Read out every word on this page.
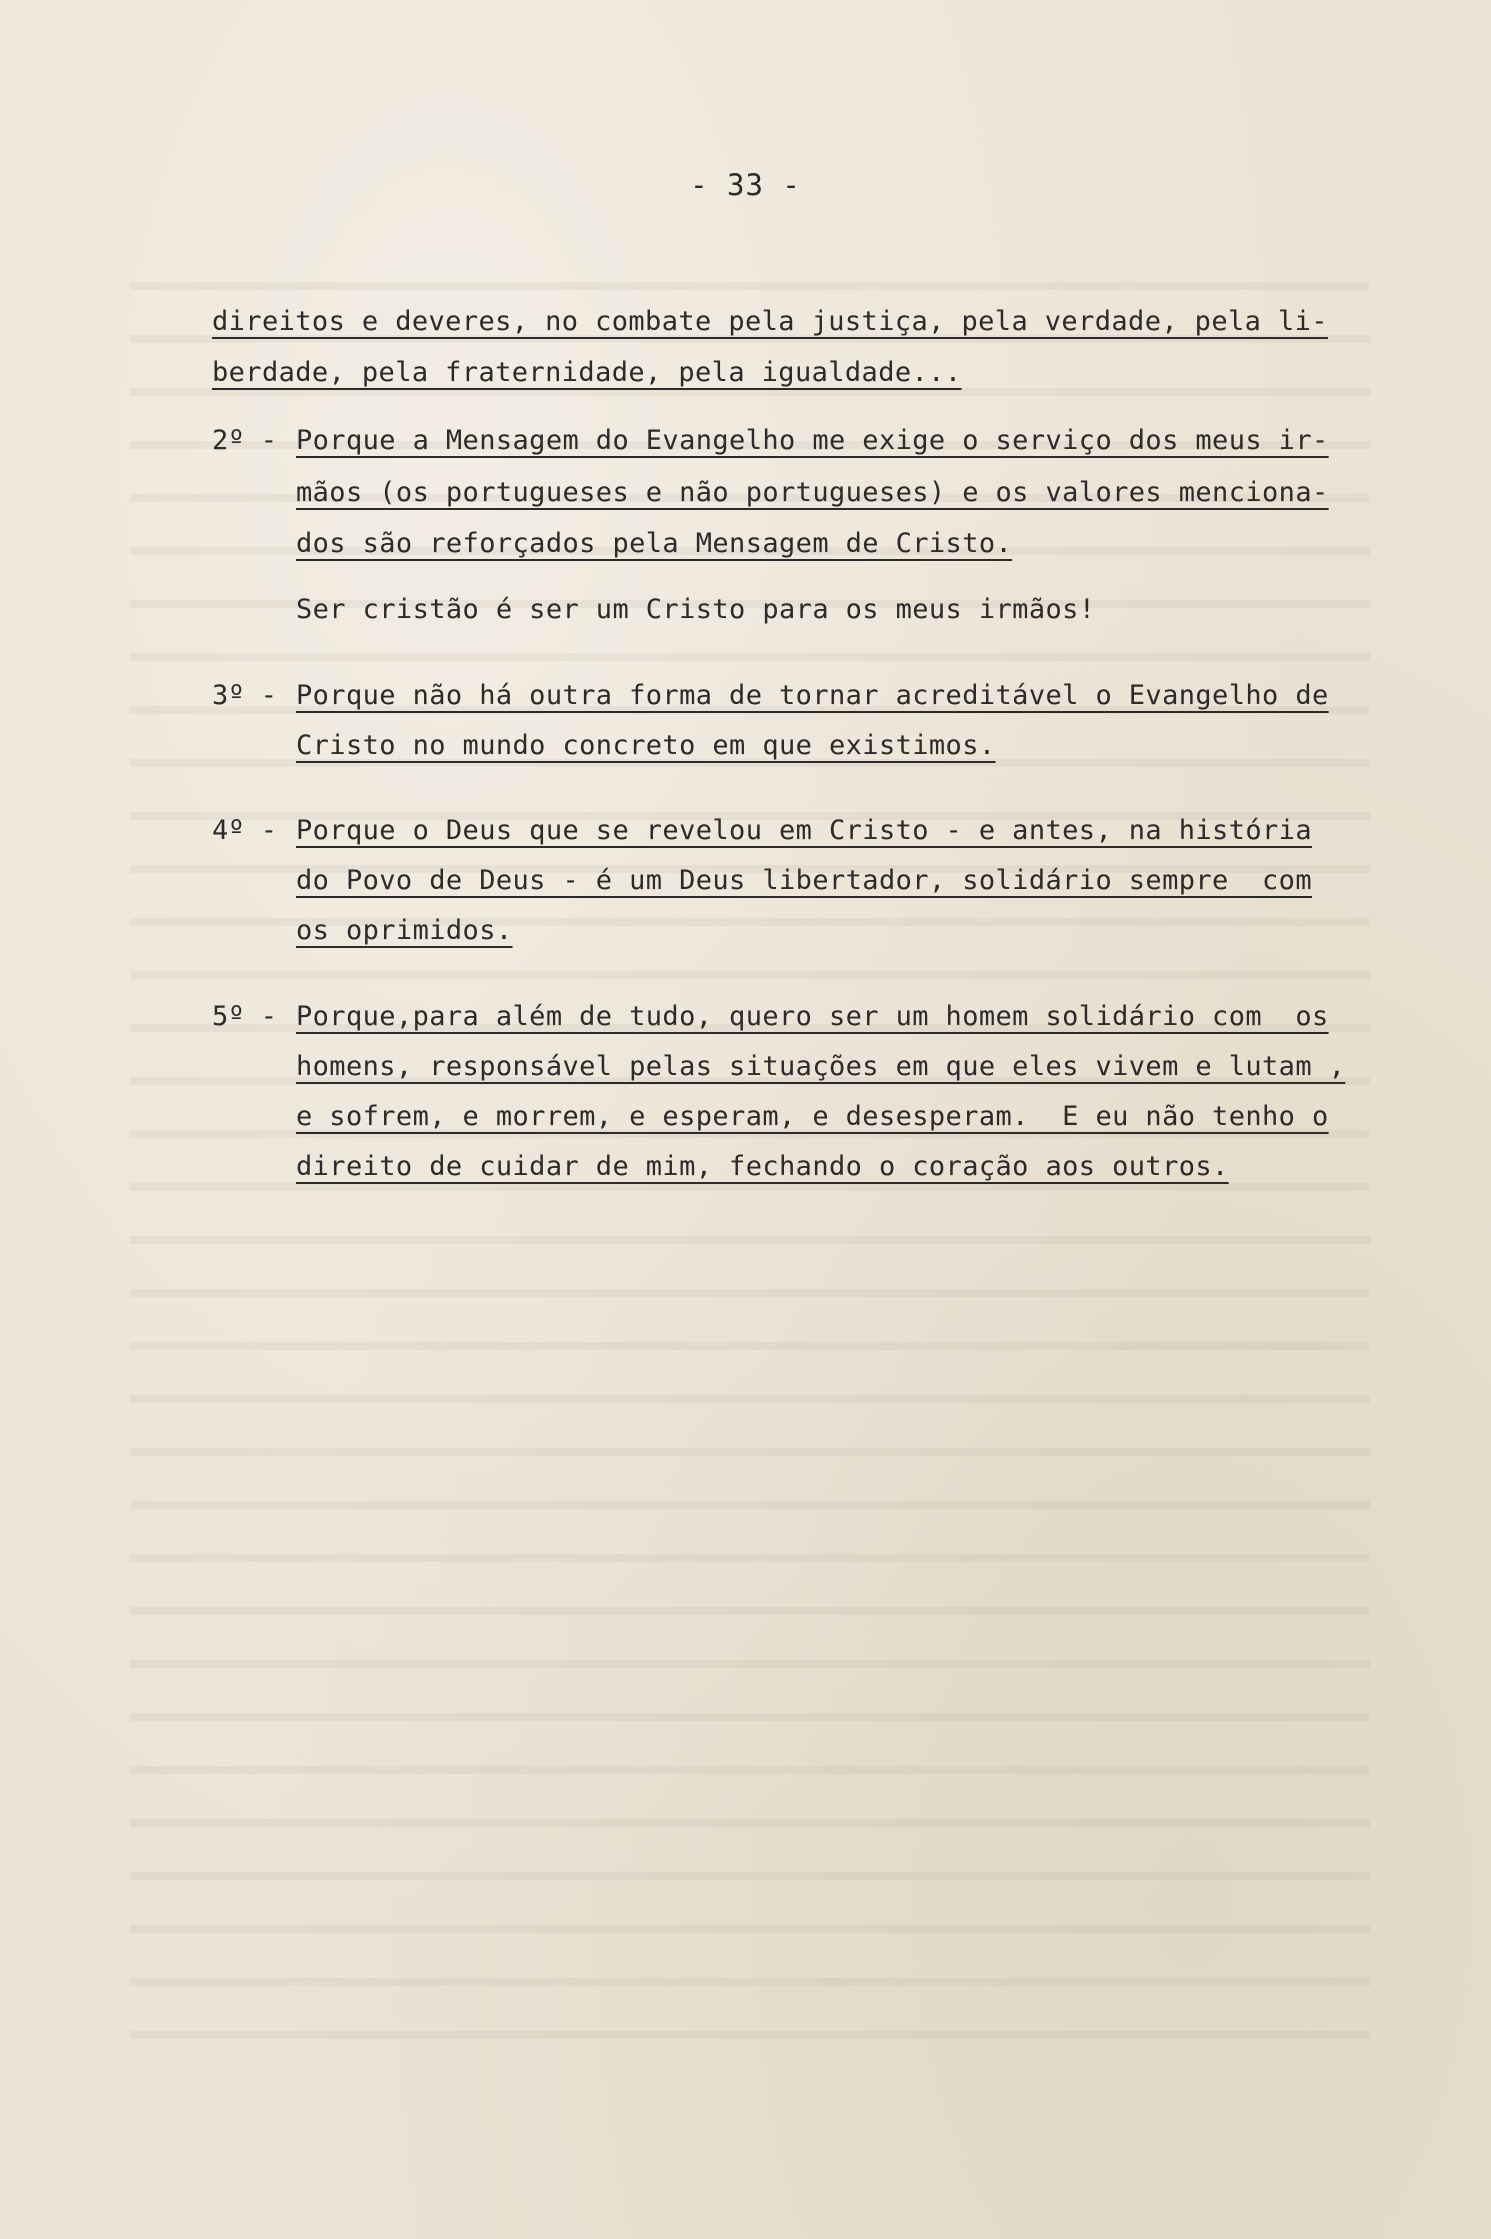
- 33 -
direitos e deveres, no combate pela justiça, pela verdade, pela li-
berdade, pela fraternidade, pela igualdade...
2º - Porque a Mensagem do Evangelho me exige o serviço dos meus ir-
mãos (os portugueses e não portugueses) e os valores menciona-
dos são reforçados pela Mensagem de Cristo.
Ser cristão é ser um Cristo para os meus irmãos!
3º - Porque não há outra forma de tornar acreditável o Evangelho de
Cristo no mundo concreto em que existimos.
4º - Porque o Deus que se revelou em Cristo - e antes, na história
do Povo de Deus - é um Deus libertador, solidário sempre  com
os oprimidos.
5º - Porque,para além de tudo, quero ser um homem solidário com  os
homens, responsável pelas situações em que eles vivem e lutam ,
e sofrem, e morrem, e esperam, e desesperam.  E eu não tenho o
direito de cuidar de mim, fechando o coração aos outros.
